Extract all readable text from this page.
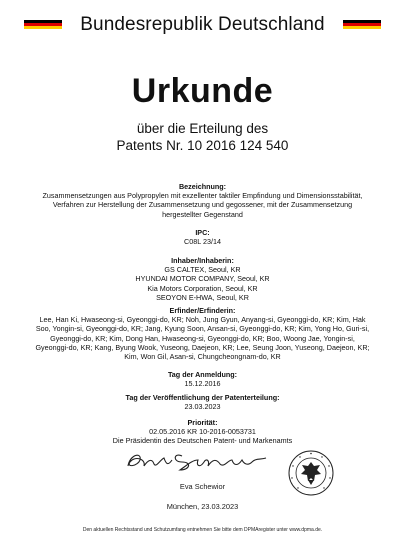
Bundesrepublik Deutschland
Urkunde
über die Erteilung des
Patents Nr. 10 2016 124 540
Bezeichnung:
Zusammensetzungen aus Polypropylen mit exzellenter taktiler Empfindung und Dimensionsstabilität,
Verfahren zur Herstellung der Zusammensetzung und gegossener, mit der Zusammensetzung
hergestellter Gegenstand
IPC:
C08L 23/14
Inhaber/Inhaberin:
GS CALTEX, Seoul, KR
HYUNDAI MOTOR COMPANY, Seoul, KR
Kia Motors Corporation, Seoul, KR
SEOYON E-HWA, Seoul, KR
Erfinder/Erfinderin:
Lee, Han Ki, Hwaseong-si, Gyeonggi-do, KR; Noh, Jung Gyun, Anyang-si, Gyeonggi-do, KR; Kim, Hak
Soo, Yongin-si, Gyeonggi-do, KR; Jang, Kyung Soon, Ansan-si, Gyeonggi-do, KR; Kim, Yong Ho, Guri-si,
Gyeonggi-do, KR; Kim, Dong Han, Hwaseong-si, Gyeonggi-do, KR; Boo, Woong Jae, Yongin-si,
Gyeonggi-do, KR; Kang, Byung Wook, Yuseong, Daejeon, KR; Lee, Seung Joon, Yuseong, Daejeon, KR;
Kim, Won Gil, Asan-si, Chungcheongnam-do, KR
Tag der Anmeldung:
15.12.2016
Tag der Veröffentlichung der Patenterteilung:
23.03.2023
Priorität:
02.05.2016 KR 10-2016-0053731
Die Präsidentin des Deutschen Patent- und Markenamts
Eva Schewior
München, 23.03.2023
Den aktuellen Rechtsstand und Schutzumfang entnehmen Sie bitte dem DPMAregister unter www.dpma.de.
